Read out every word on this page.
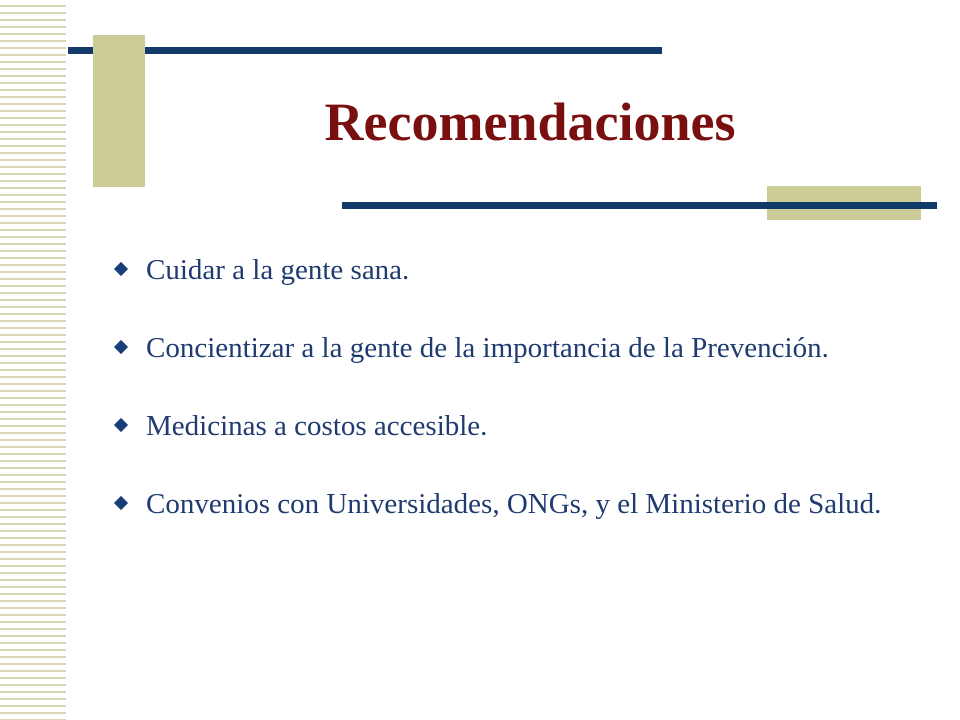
Recomendaciones
Cuidar a la gente sana.
Concientizar a la gente de la importancia de la Prevención.
Medicinas a costos accesible.
Convenios con Universidades, ONGs, y el Ministerio de Salud.
